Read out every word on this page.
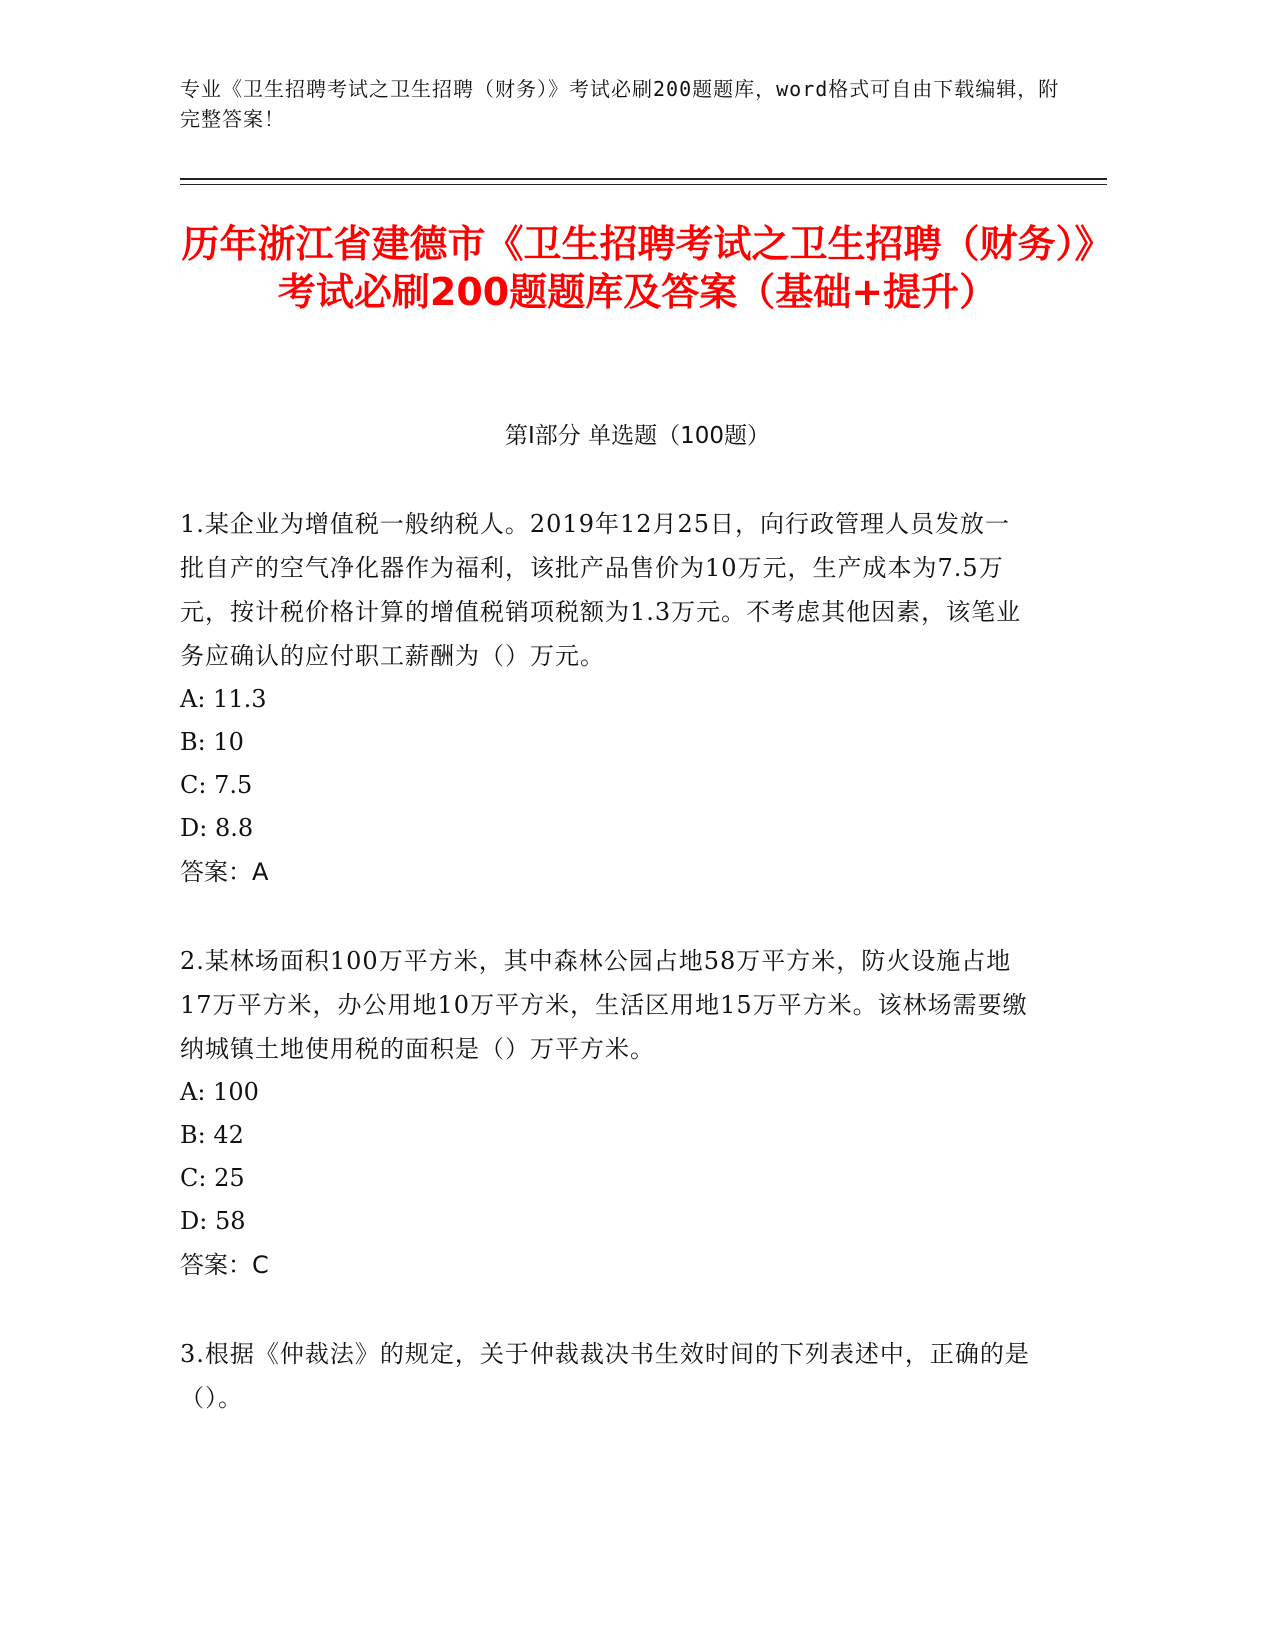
专业《卫生招聘考试之卫生招聘（财务）》考试必刷200题题库，word格式可自由下载编辑，附完整答案！
历年浙江省建德市《卫生招聘考试之卫生招聘（财务）》考试必刷200题题库及答案（基础+提升）
第Ⅰ部分 单选题（100题）

1.某企业为增值税一般纳税人。2019年12月25日，向行政管理人员发放一批自产的空气净化器作为福利，该批产品售价为10万元，生产成本为7.5万元，按计税价格计算的增值税销项税额为1.3万元。不考虑其他因素，该笔业务应确认的应付职工薪酬为（）万元。

A: 11.3

B: 10

C: 7.5

D: 8.8

答案：A

2.某林场面积100万平方米，其中森林公园占地58万平方米，防火设施占地17万平方米，办公用地10万平方米，生活区用地15万平方米。该林场需要缴纳城镇土地使用税的面积是（）万平方米。

A: 100

B: 42

C: 25

D: 58

答案：C

3.根据《仲裁法》的规定，关于仲裁裁决书生效时间的下列表述中，正确的是（）。
